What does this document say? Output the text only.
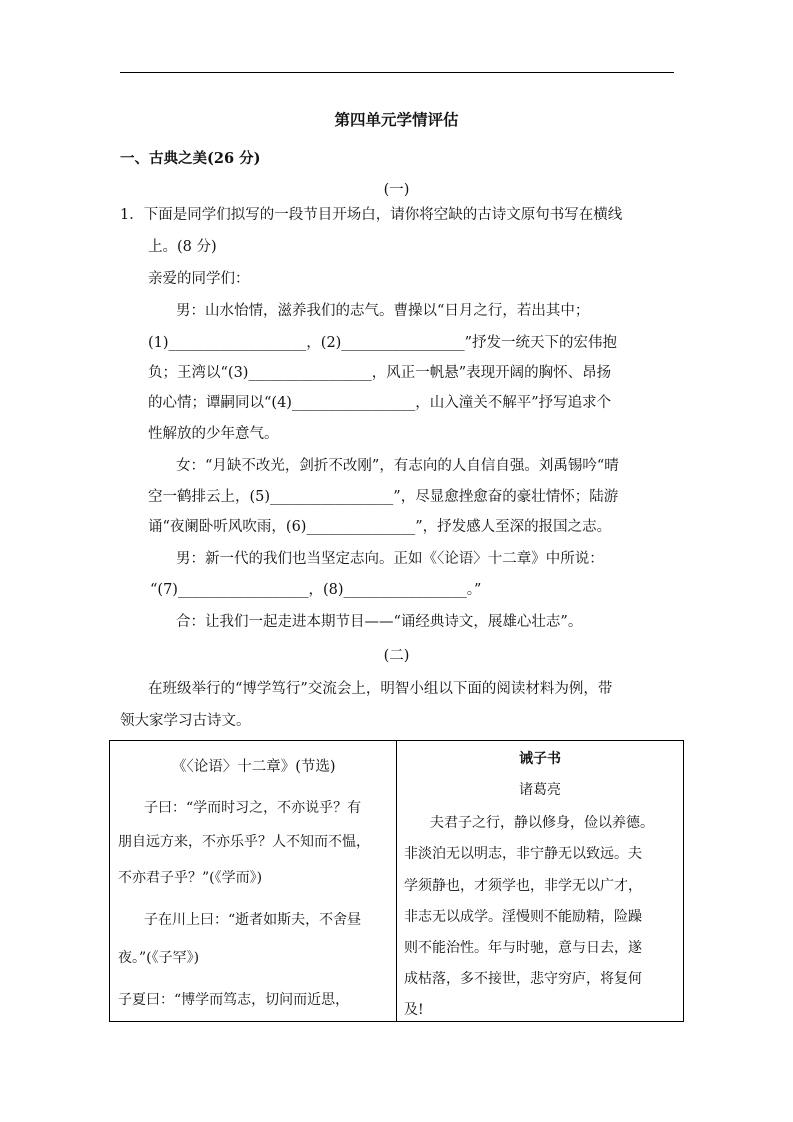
第四单元学情评估
一、古典之美(26 分)
(一)
1．下面是同学们拟写的一段节目开场白，请你将空缺的古诗文原句书写在横线
上。(8 分)
亲爱的同学们：
男：山水怡情，滋养我们的志气。曹操以“日月之行，若出其中；
(1)___________________，(2)_________________”抒发一统天下的宏伟抱
负；王湾以“(3)_________________，风正一帆悬”表现开阔的胸怀、昂扬
的心情；谭嗣同以“(4)_________________，山入潼关不解平”抒写追求个
性解放的少年意气。
女：“月缺不改光，剑折不改刚”，有志向的人自信自强。刘禹锡吟“晴
空一鹤排云上，(5)_________________”，尽显愈挫愈奋的豪壮情怀；陆游
诵“夜阑卧听风吹雨，(6)_______________”，抒发感人至深的报国之志。
男：新一代的我们也当坚定志向。正如《〈论语〉十二章》中所说：
“(7)__________________，(8)_________________。”
合：让我们一起走进本期节目——“诵经典诗文，展雄心壮志”。
(二)
在班级举行的“博学笃行”交流会上，明智小组以下面的阅读材料为例，带
领大家学习古诗文。
《〈论语〉十二章》(节选)
子曰：“学而时习之，不亦说乎？有
朋自远方来，不亦乐乎？人不知而不愠，
不亦君子乎？”(《学而》)
子在川上曰：“逝者如斯夫，不舍昼
夜。”(《子罕》)
子夏曰：“博学而笃志，切问而近思，
诫子书
诸葛亮
夫君子之行，静以修身，俭以养德。
非淡泊无以明志，非宁静无以致远。夫
学须静也，才须学也，非学无以广才，
非志无以成学。淫慢则不能励精，险躁
则不能治性。年与时驰，意与日去，遂
成枯落，多不接世，悲守穷庐，将复何
及!
